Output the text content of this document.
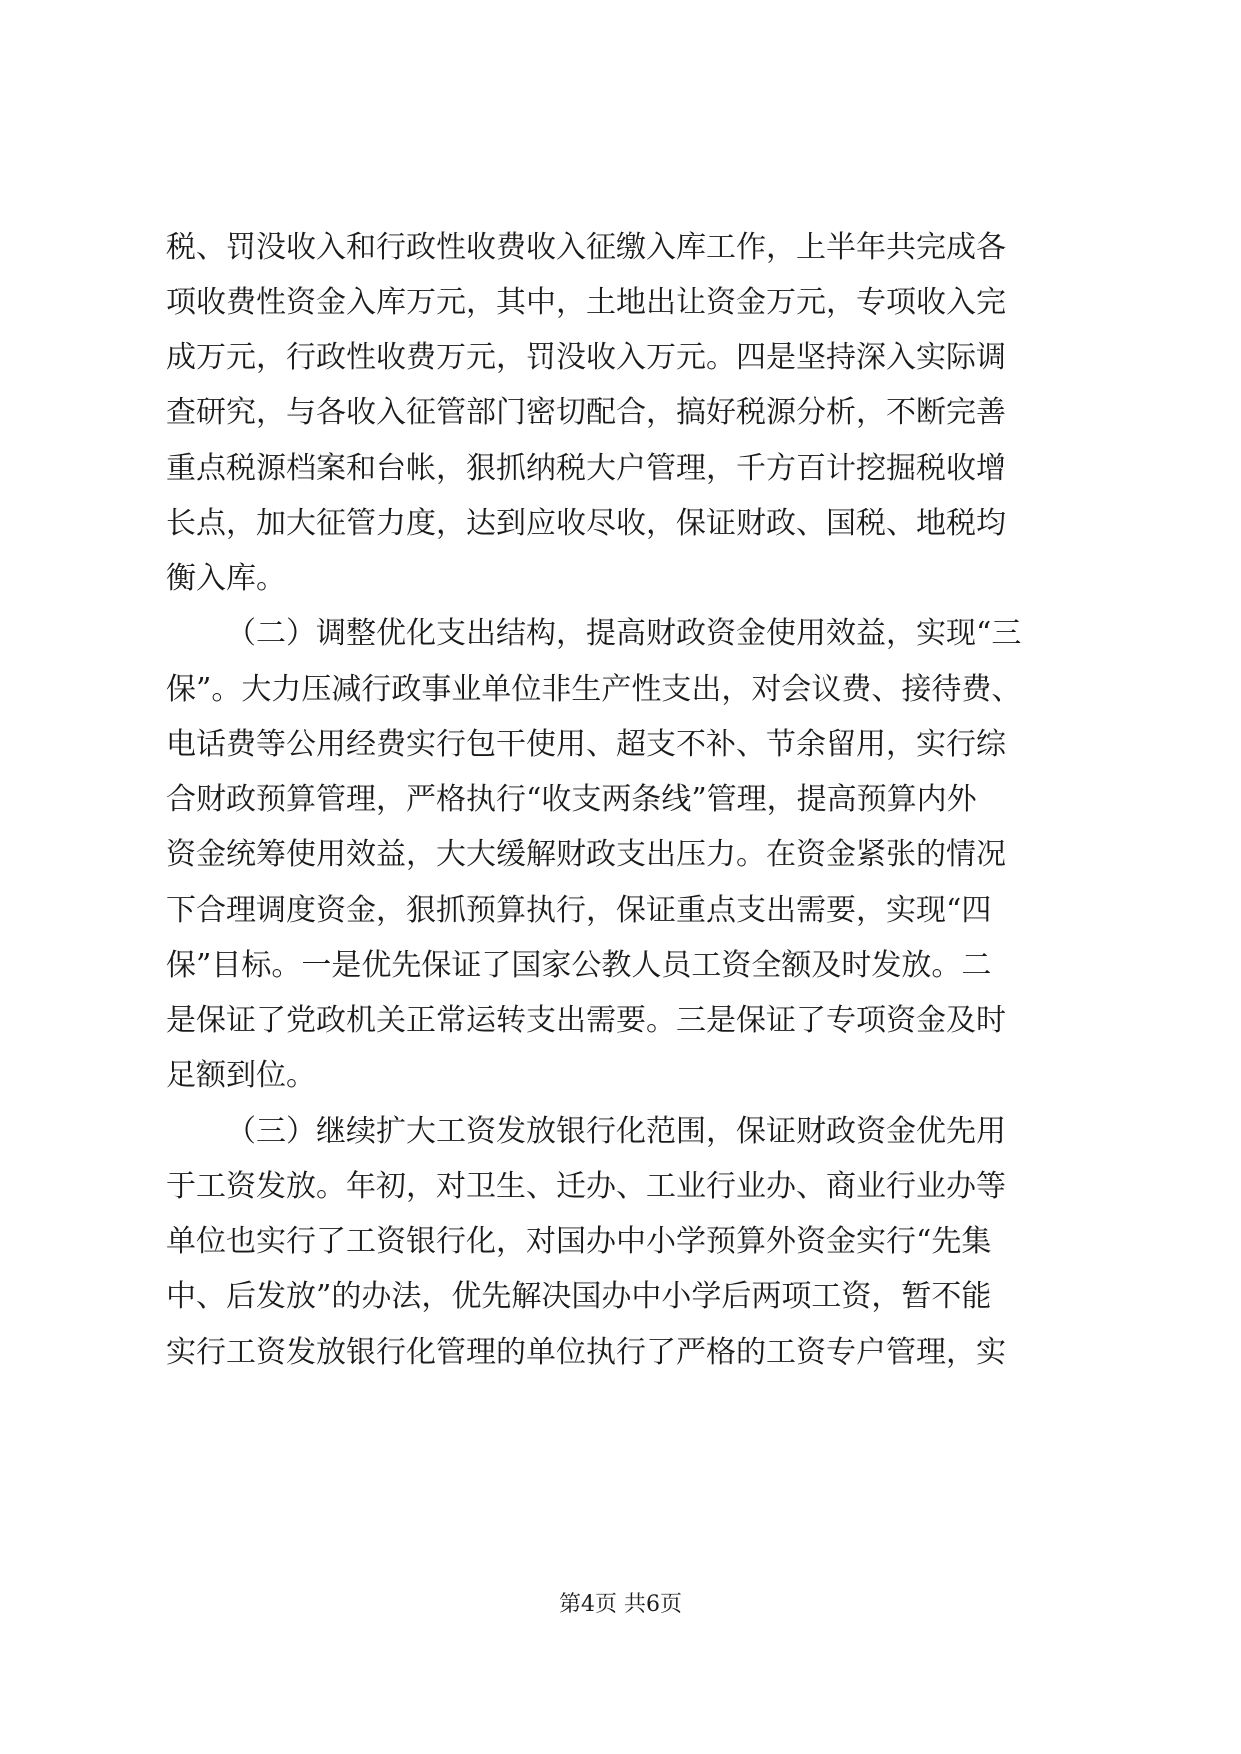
税、罚没收入和行政性收费收入征缴入库工作，上半年共完成各
项收费性资金入库万元，其中，土地出让资金万元，专项收入完
成万元，行政性收费万元，罚没收入万元。四是坚持深入实际调
查研究，与各收入征管部门密切配合，搞好税源分析，不断完善
重点税源档案和台帐，狠抓纳税大户管理，千方百计挖掘税收增
长点，加大征管力度，达到应收尽收，保证财政、国税、地税均
衡入库。
（二）调整优化支出结构，提高财政资金使用效益，实现“三
保”。大力压减行政事业单位非生产性支出，对会议费、接待费、
电话费等公用经费实行包干使用、超支不补、节余留用，实行综
合财政预算管理，严格执行“收支两条线”管理，提高预算内外
资金统筹使用效益，大大缓解财政支出压力。在资金紧张的情况
下合理调度资金，狠抓预算执行，保证重点支出需要，实现“四
保”目标。一是优先保证了国家公教人员工资全额及时发放。二
是保证了党政机关正常运转支出需要。三是保证了专项资金及时
足额到位。
（三）继续扩大工资发放银行化范围，保证财政资金优先用
于工资发放。年初，对卫生、迁办、工业行业办、商业行业办等
单位也实行了工资银行化，对国办中小学预算外资金实行“先集
中、后发放”的办法，优先解决国办中小学后两项工资，暂不能
实行工资发放银行化管理的单位执行了严格的工资专户管理，实
第4页 共6页
